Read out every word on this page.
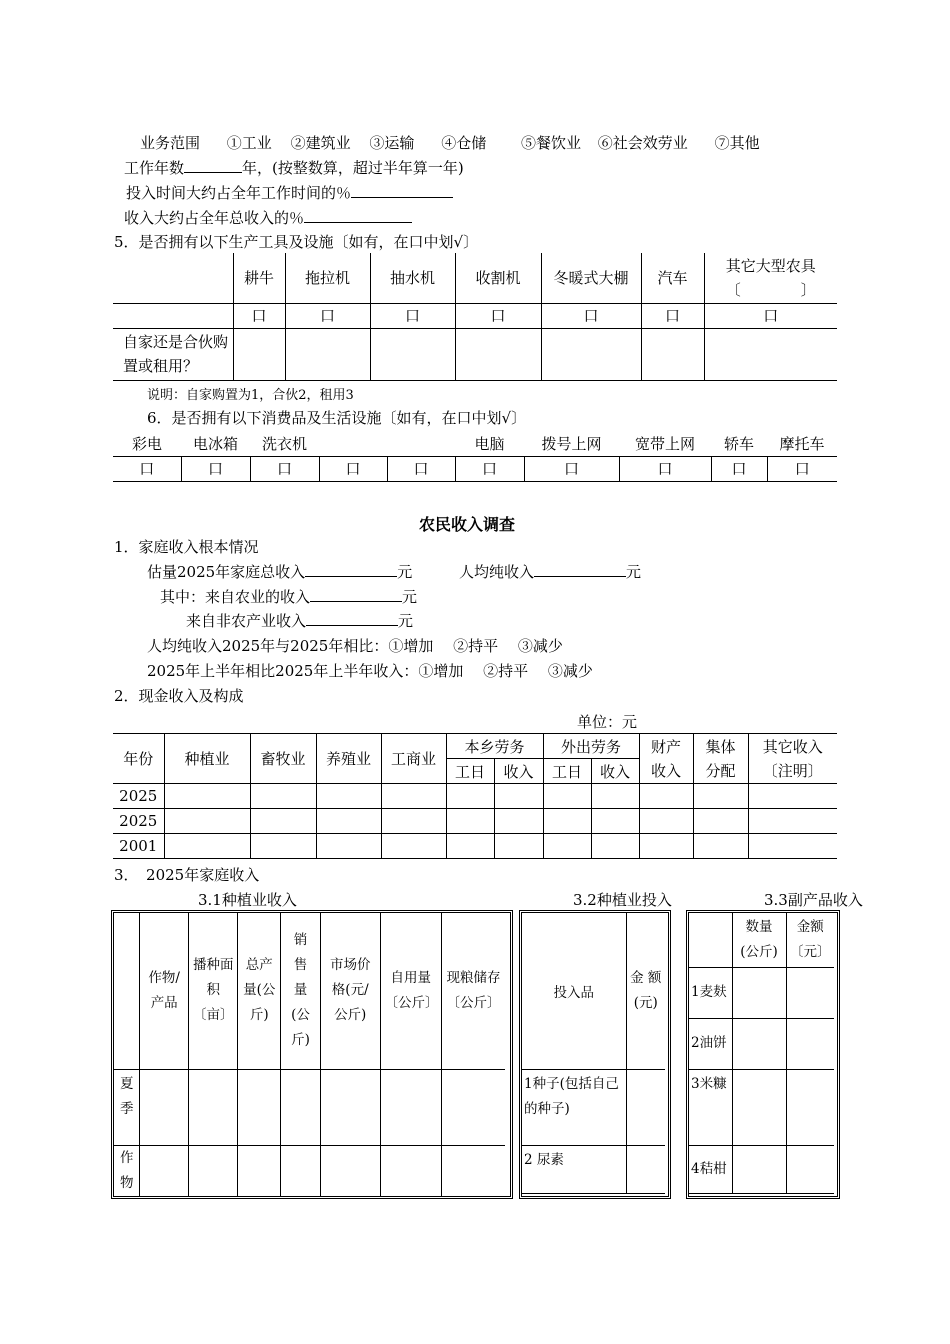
业务范围 ①工业 ②建筑业 ③运输 ④仓储 ⑤餐饮业 ⑥社会效劳业 ⑦其他
工作年数	年，(按整数算，超过半年算一年)
投入时间大约占全年工作时间的％
收入大约占全年总收入的％
5．是否拥有以下生产工具及设施〔如有，在口中划√〕
	耕牛	拖拉机	抽水机	收割机	冬暖式大棚	汽车	其它大型农具〔　　　　〕
	口	口	口	口	口	口	口
自家还是合伙购置或租用？							
说明：自家购置为1，合伙2，租用3
6．是否拥有以下消费品及生活设施〔如有，在口中划√〕
彩电	电冰箱	洗衣机			电脑	拨号上网	宽带上网	轿车	摩托车
口	口	口	口	口	口	口	口	口	口
农民收入调查
1．家庭收入根本情况
估量2025年家庭总收入	元	人均纯收入	元
其中：来自农业的收入	元
来自非农产业收入	元
人均纯收入2025年与2025年相比：①增加　 ②持平　 ③减少
2025年上半年相比2025年上半年收入：①增加　 ②持平　 ③减少
2．现金收入及构成
单位：元
年份	种植业	畜牧业	养殖业	工商业	本乡劳务		外出劳务		财产收入	集体分配	其它收入〔注明〕
					工日	收入	工日	收入			
2025											
2025											
2001											
3．　2025年家庭收入
3.1种植业收入	3.2种植业投入	3.3副产品收入
	作物/产品	播种面积〔亩〕	总产量(公斤)	销售量(公斤)	市场价格(元/公斤)	自用量〔公斤〕	现粮储存〔公斤〕
夏季							
作物							
投入品	金 额(元)
1种子(包括自己的种子)	
2 尿素	
	数量(公斤)	金额〔元〕
1麦麸		
2油饼		
3米糠		
4秸柑		
